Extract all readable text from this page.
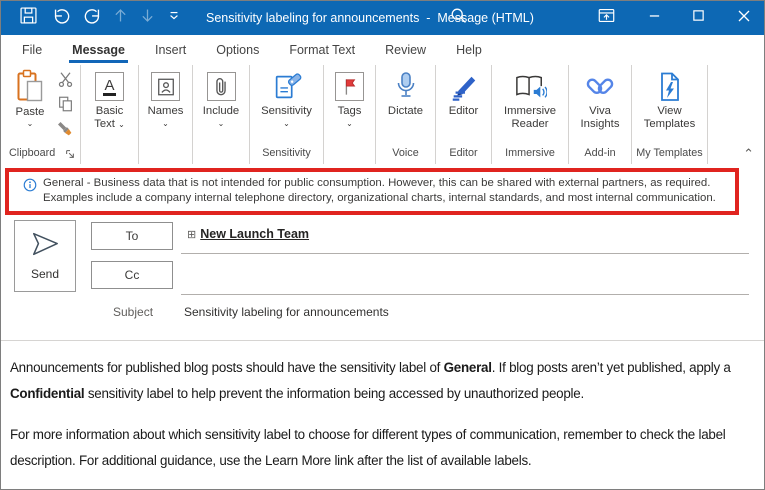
Sensitivity labeling for announcements  -  Message (HTML)
File	Message	Insert	Options	Format Text	Review	Help
Paste
⌄
Clipboard
A
Basic
Text ⌄
Names
⌄
Include
⌄
Sensitivity
⌄
Sensitivity
Tags
⌄
Dictate
Voice
Editor
Editor
Immersive
Reader
Immersive
Viva
Insights
Add-in
View
Templates
My Templates	⌃
General - Business data that is not intended for public consumption. However, this can be shared with external partners, as required.
Examples include a company internal telephone directory, organizational charts, internal standards, and most internal communication.
Send
To
Cc
⊞ New Launch Team
Subject	Sensitivity labeling for announcements

Announcements for published blog posts should have the sensitivity label of General. If blog posts aren’t yet published, apply a Confidential sensitivity label to help prevent the information being accessed by unauthorized people.

For more information about which sensitivity label to choose for different types of communication, remember to check the label description. For additional guidance, use the Learn More link after the list of available labels.
